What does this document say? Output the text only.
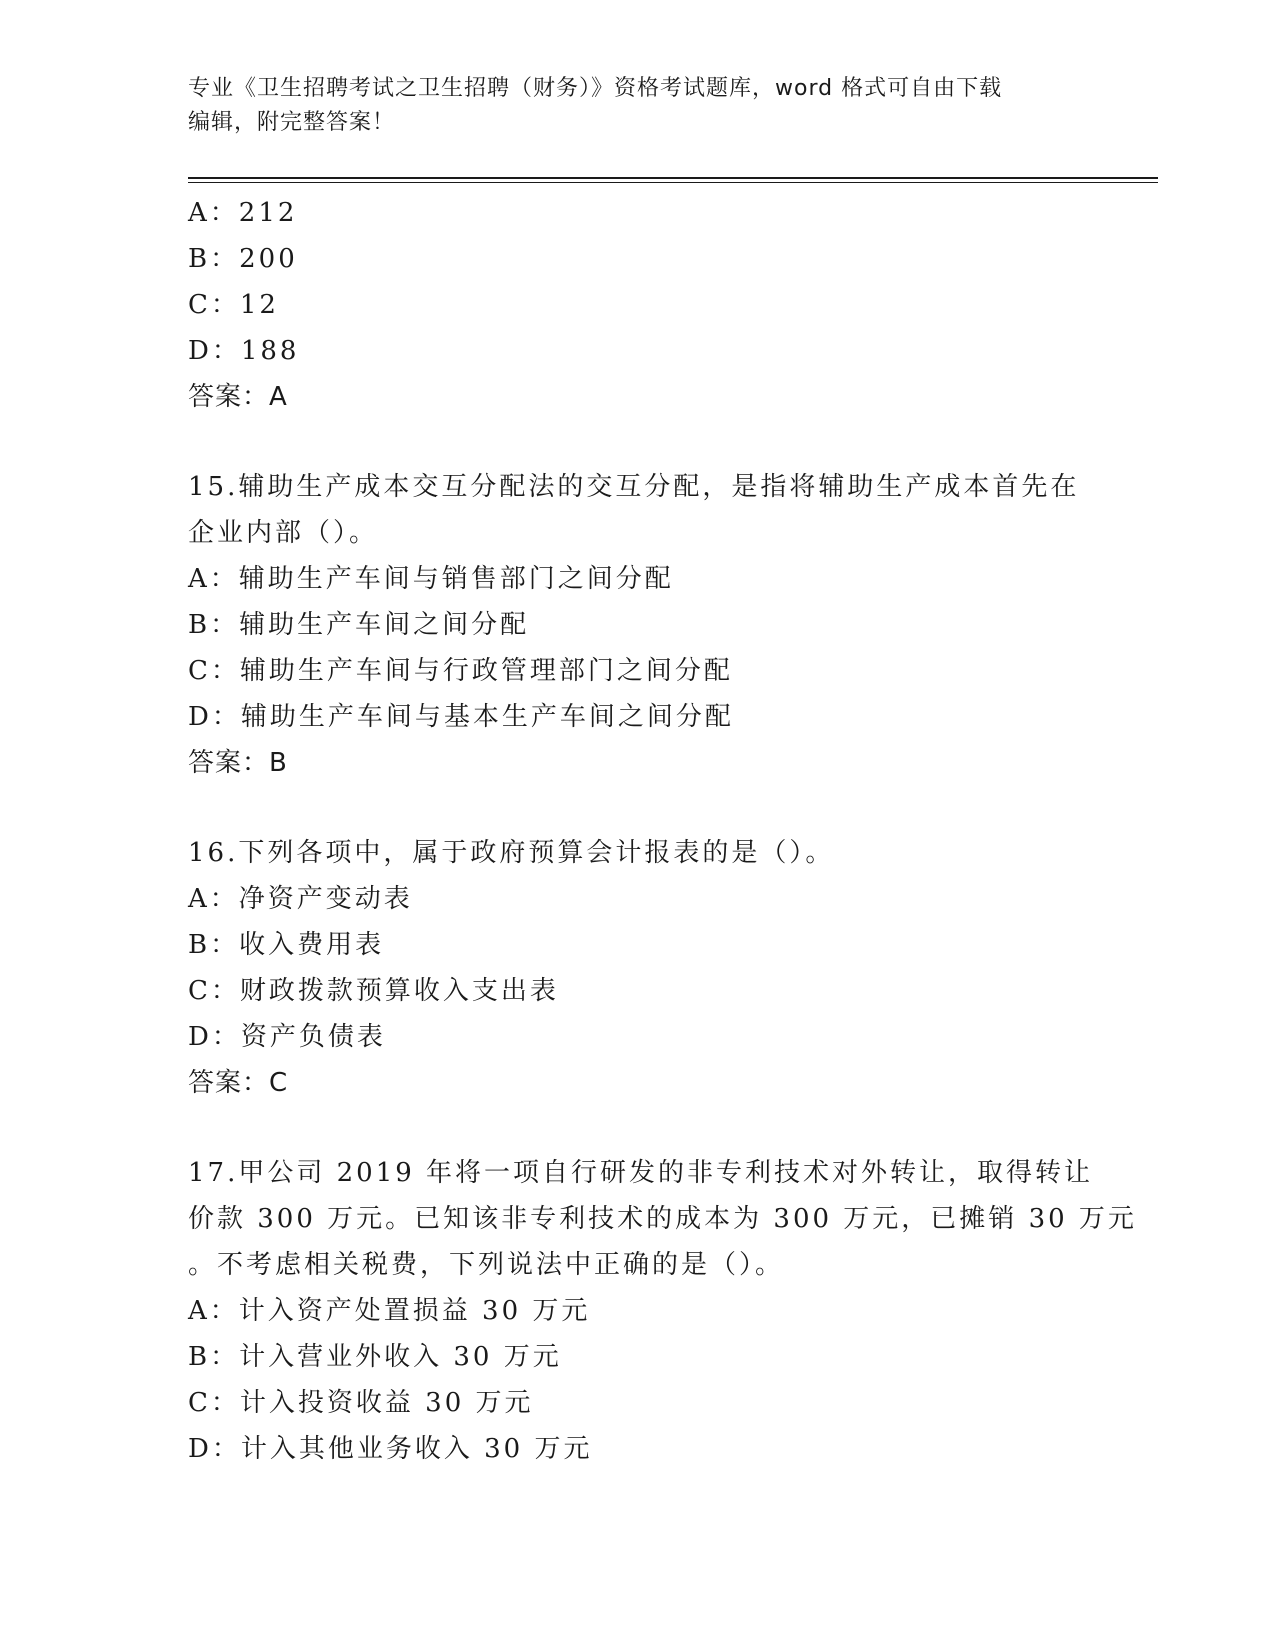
专业《卫生招聘考试之卫生招聘（财务）》资格考试题库，word 格式可自由下载
编辑，附完整答案！
A：212
B：200
C：12
D：188
答案：A
15.辅助生产成本交互分配法的交互分配，是指将辅助生产成本首先在
企业内部（）。
A：辅助生产车间与销售部门之间分配
B：辅助生产车间之间分配
C：辅助生产车间与行政管理部门之间分配
D：辅助生产车间与基本生产车间之间分配
答案：B
16.下列各项中，属于政府预算会计报表的是（）。
A：净资产变动表
B：收入费用表
C：财政拨款预算收入支出表
D：资产负债表
答案：C
17.甲公司 2019 年将一项自行研发的非专利技术对外转让，取得转让
价款 300 万元。已知该非专利技术的成本为 300 万元，已摊销 30 万元
。不考虑相关税费，下列说法中正确的是（）。
A：计入资产处置损益 30 万元
B：计入营业外收入 30 万元
C：计入投资收益 30 万元
D：计入其他业务收入 30 万元
